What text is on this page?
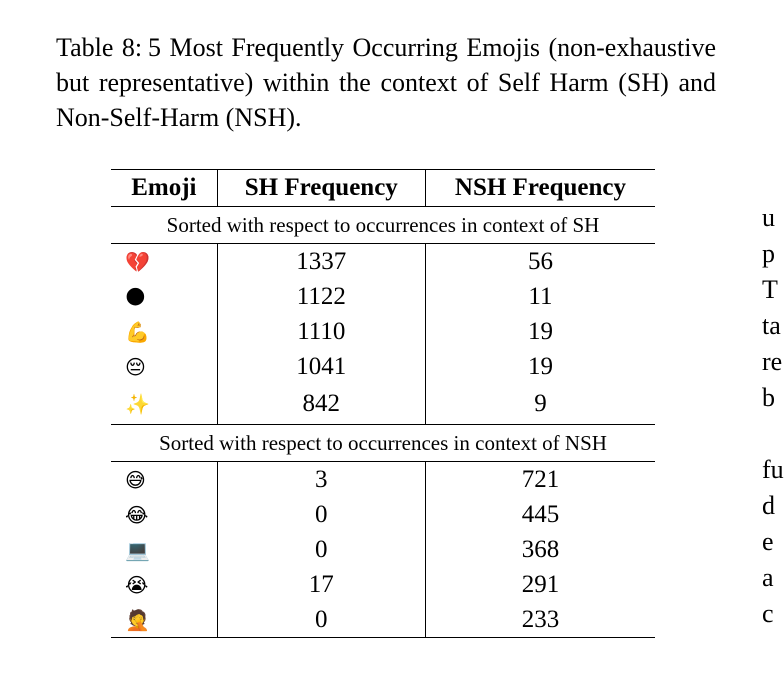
Table 8: 5 Most Frequently Occurring Emojis (non-exhaustive but representative) within the context of Self Harm (SH) and Non-Self-Harm (NSH).

Emoji	SH Frequency	NSH Frequency
Sorted with respect to occurrences in context of SH		
💔	1337	56
🌑	1122	11
💪	1110	19
😔	1041	19
✨	842	9
Sorted with respect to occurrences in context of NSH		
😅	3	721
😂	0	445
💻	0	368
😭	17	291
🤦	0	233
u
p
T
ta
re
b
fu
d
e
a
c
